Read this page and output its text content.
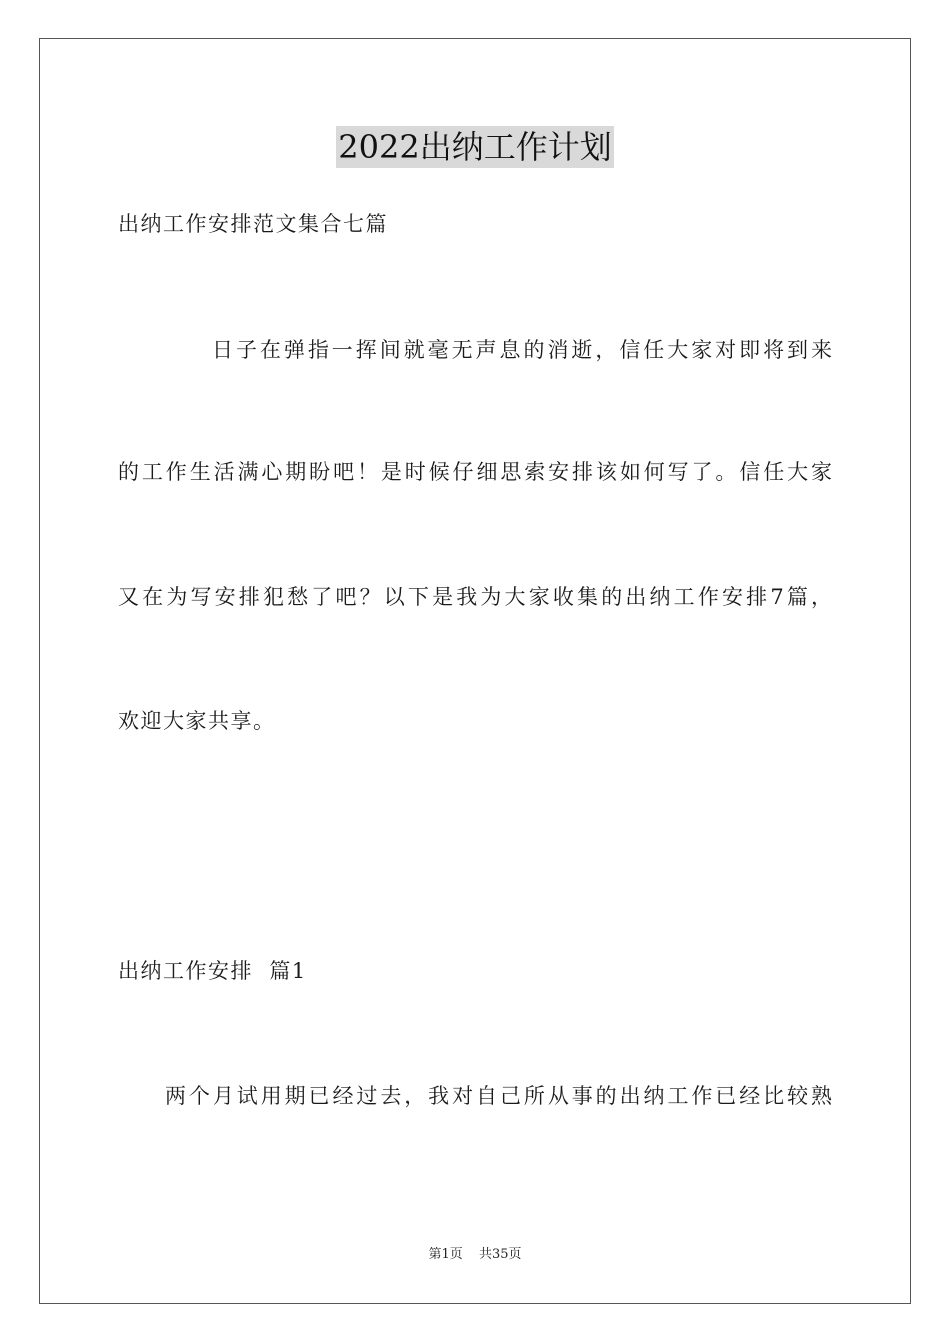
2022出纳工作计划
出纳工作安排范文集合七篇
日子在弹指一挥间就毫无声息的消逝，信任大家对即将到来
的工作生活满心期盼吧！是时候仔细思索安排该如何写了。信任大家
又在为写安排犯愁了吧？以下是我为大家收集的出纳工作安排7篇，
欢迎大家共享。
出纳工作安排  篇1
两个月试用期已经过去，我对自己所从事的出纳工作已经比较熟
第1页 共35页
